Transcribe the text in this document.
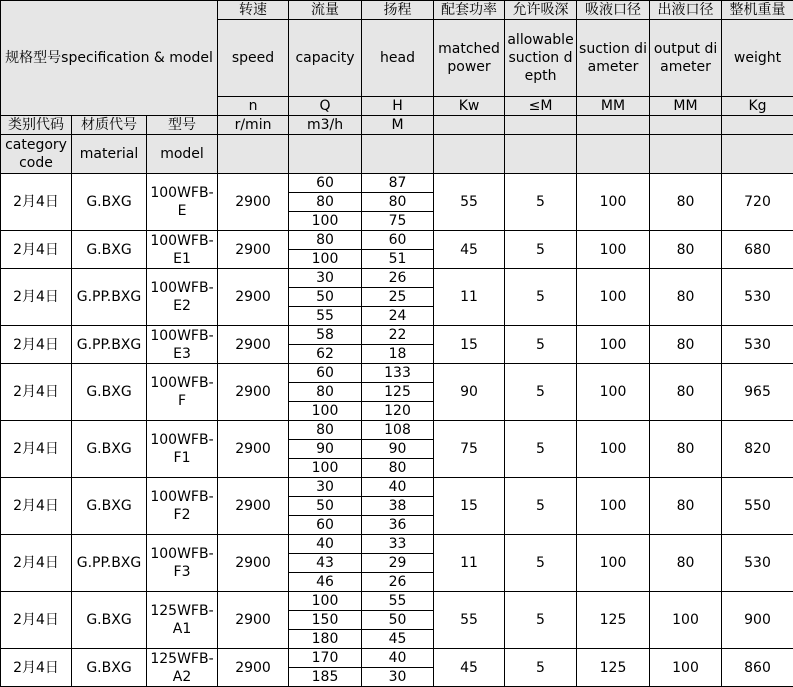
规格型号specification & model			转速	流量	扬程	配套功率	允许吸深	吸液口径	出液口径	整机重量
			speed	capacity	head	matched power	allowable suction depth	suction diameter	output diameter	weight
			n	Q	H	Kw	≤M	MM	MM	Kg
类别代码	材质代号	型号	r/min	m3/h	M					
category code	material	model								
2月4日	G.BXG	100WFB-E	2900	60	87	55	5	100	80	720
				80	80					
				100	75					
2月4日	G.BXG	100WFB-E1	2900	80	60	45	5	100	80	680
				100	51					
2月4日	G.PP.BXG	100WFB-E2	2900	30	26	11	5	100	80	530
				50	25					
				55	24					
2月4日	G.PP.BXG	100WFB-E3	2900	58	22	15	5	100	80	530
				62	18					
2月4日	G.BXG	100WFB-F	2900	60	133	90	5	100	80	965
				80	125					
				100	120					
2月4日	G.BXG	100WFB-F1	2900	80	108	75	5	100	80	820
				90	90					
				100	80					
2月4日	G.BXG	100WFB-F2	2900	30	40	15	5	100	80	550
				50	38					
				60	36					
2月4日	G.PP.BXG	100WFB-F3	2900	40	33	11	5	100	80	530
				43	29					
				46	26					
2月4日	G.BXG	125WFB-A1	2900	100	55	55	5	125	100	900
				150	50					
				180	45					
2月4日	G.BXG	125WFB-A2	2900	170	40	45	5	125	100	860
				185	30					
